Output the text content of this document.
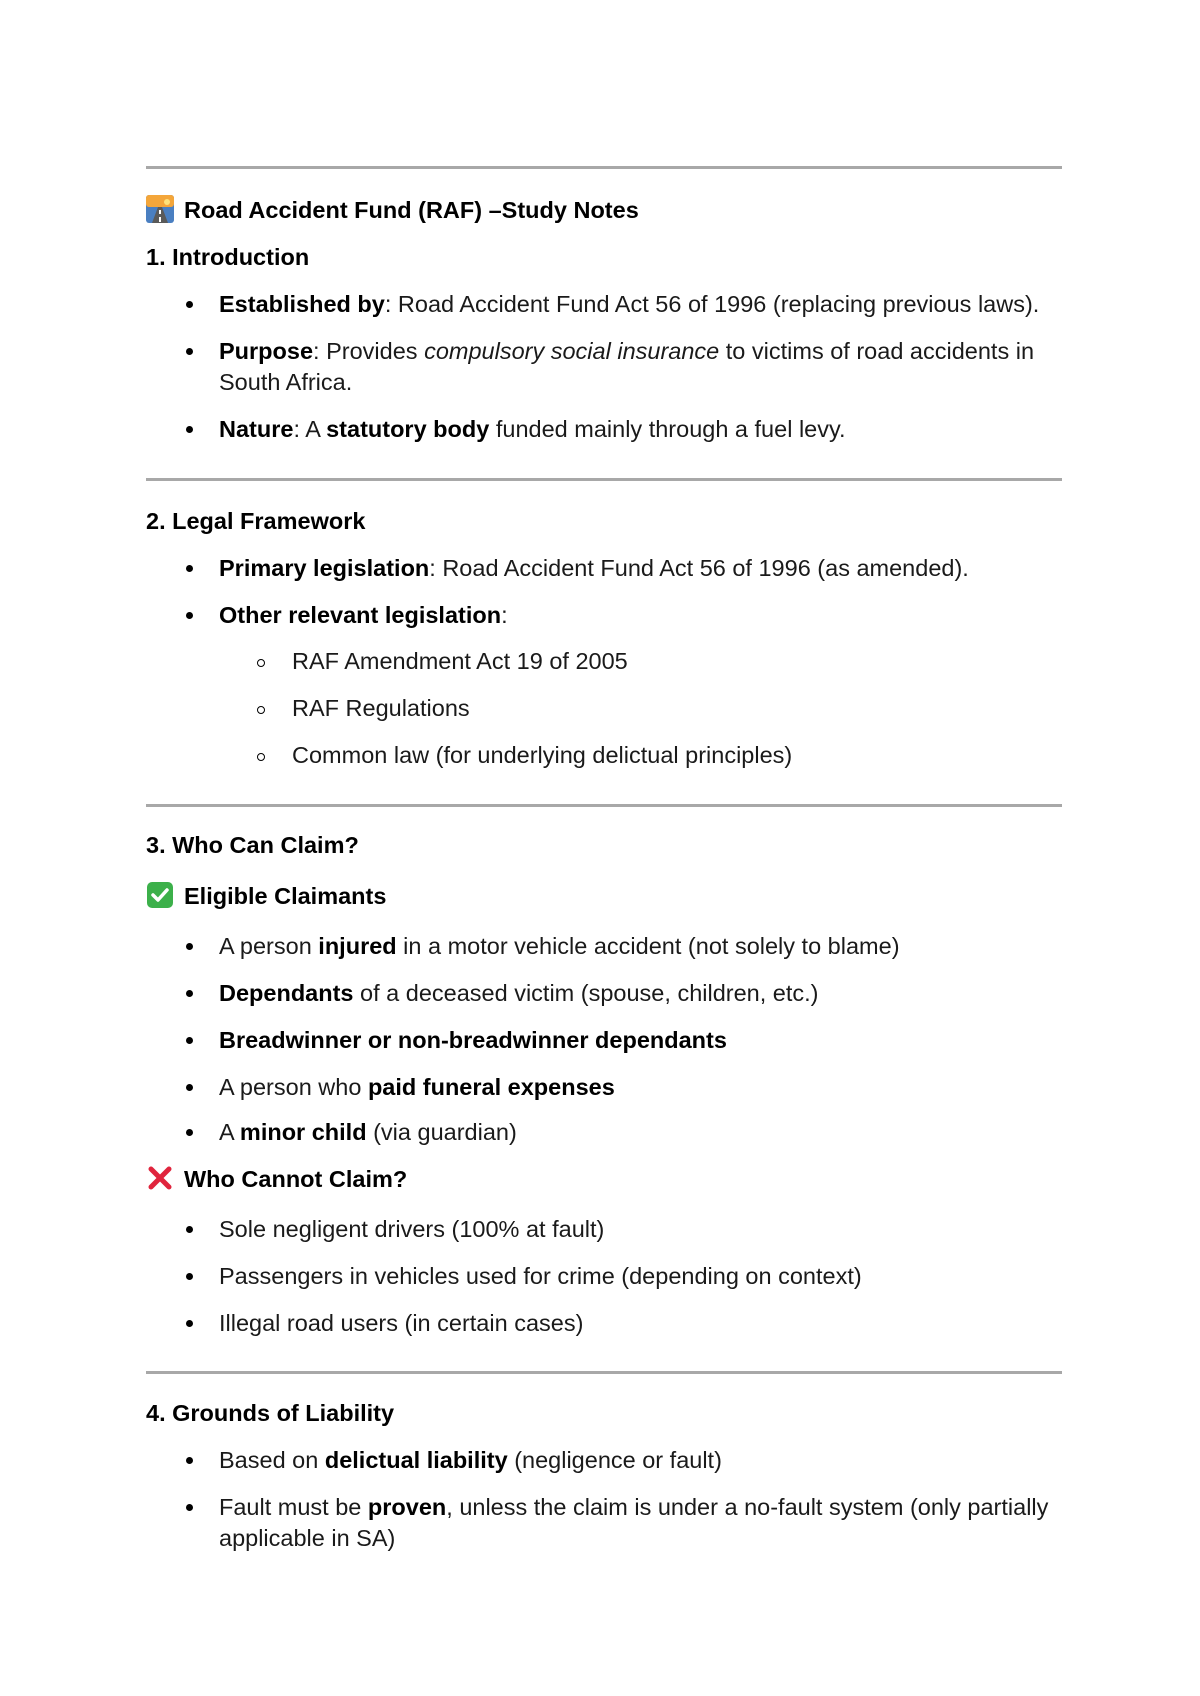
Road Accident Fund (RAF) –Study Notes
1. Introduction
Established by: Road Accident Fund Act 56 of 1996 (replacing previous laws).
Purpose: Provides compulsory social insurance to victims of road accidents in
South Africa.
Nature: A statutory body funded mainly through a fuel levy.
2. Legal Framework
Primary legislation: Road Accident Fund Act 56 of 1996 (as amended).
Other relevant legislation:
RAF Amendment Act 19 of 2005
RAF Regulations
Common law (for underlying delictual principles)
3. Who Can Claim?
Eligible Claimants
A person injured in a motor vehicle accident (not solely to blame)
Dependants of a deceased victim (spouse, children, etc.)
Breadwinner or non-breadwinner dependants
A person who paid funeral expenses
A minor child (via guardian)
Who Cannot Claim?
Sole negligent drivers (100% at fault)
Passengers in vehicles used for crime (depending on context)
Illegal road users (in certain cases)
4. Grounds of Liability
Based on delictual liability (negligence or fault)
Fault must be proven, unless the claim is under a no-fault system (only partially
applicable in SA)
